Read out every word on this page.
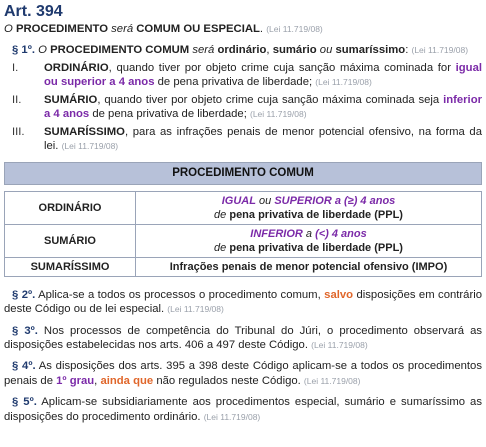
Art. 394
O PROCEDIMENTO será COMUM OU ESPECIAL. (Lei 11.719/08)
§ 1º. O PROCEDIMENTO COMUM será ordinário, sumário ou sumaríssimo: (Lei 11.719/08)
I.	ORDINÁRIO, quando tiver por objeto crime cuja sanção máxima cominada for igual ou superior a 4 anos de pena privativa de liberdade; (Lei 11.719/08)
II.	SUMÁRIO, quando tiver por objeto crime cuja sanção máxima cominada seja inferior a 4 anos de pena privativa de liberdade; (Lei 11.719/08)
III.	SUMARÍSSIMO, para as infrações penais de menor potencial ofensivo, na forma da lei. (Lei 11.719/08)
PROCEDIMENTO COMUM	

ORDINÁRIO	IGUAL ou SUPERIOR a (≥) 4 anos
de pena privativa de liberdade (PPL)

SUMÁRIO	INFERIOR a (<) 4 anos
de pena privativa de liberdade (PPL)

SUMARÍSSIMO	Infrações penais de menor potencial ofensivo (IMPO)
§ 2º. Aplica-se a todos os processos o procedimento comum, salvo disposições em contrário deste Código ou de lei especial. (Lei 11.719/08)
§ 3º. Nos processos de competência do Tribunal do Júri, o procedimento observará as disposições estabelecidas nos arts. 406 a 497 deste Código. (Lei 11.719/08)
§ 4º. As disposições dos arts. 395 a 398 deste Código aplicam-se a todos os procedimentos penais de 1º grau, ainda que não regulados neste Código. (Lei 11.719/08)
§ 5º. Aplicam-se subsidiariamente aos procedimentos especial, sumário e sumaríssimo as disposições do procedimento ordinário. (Lei 11.719/08)
